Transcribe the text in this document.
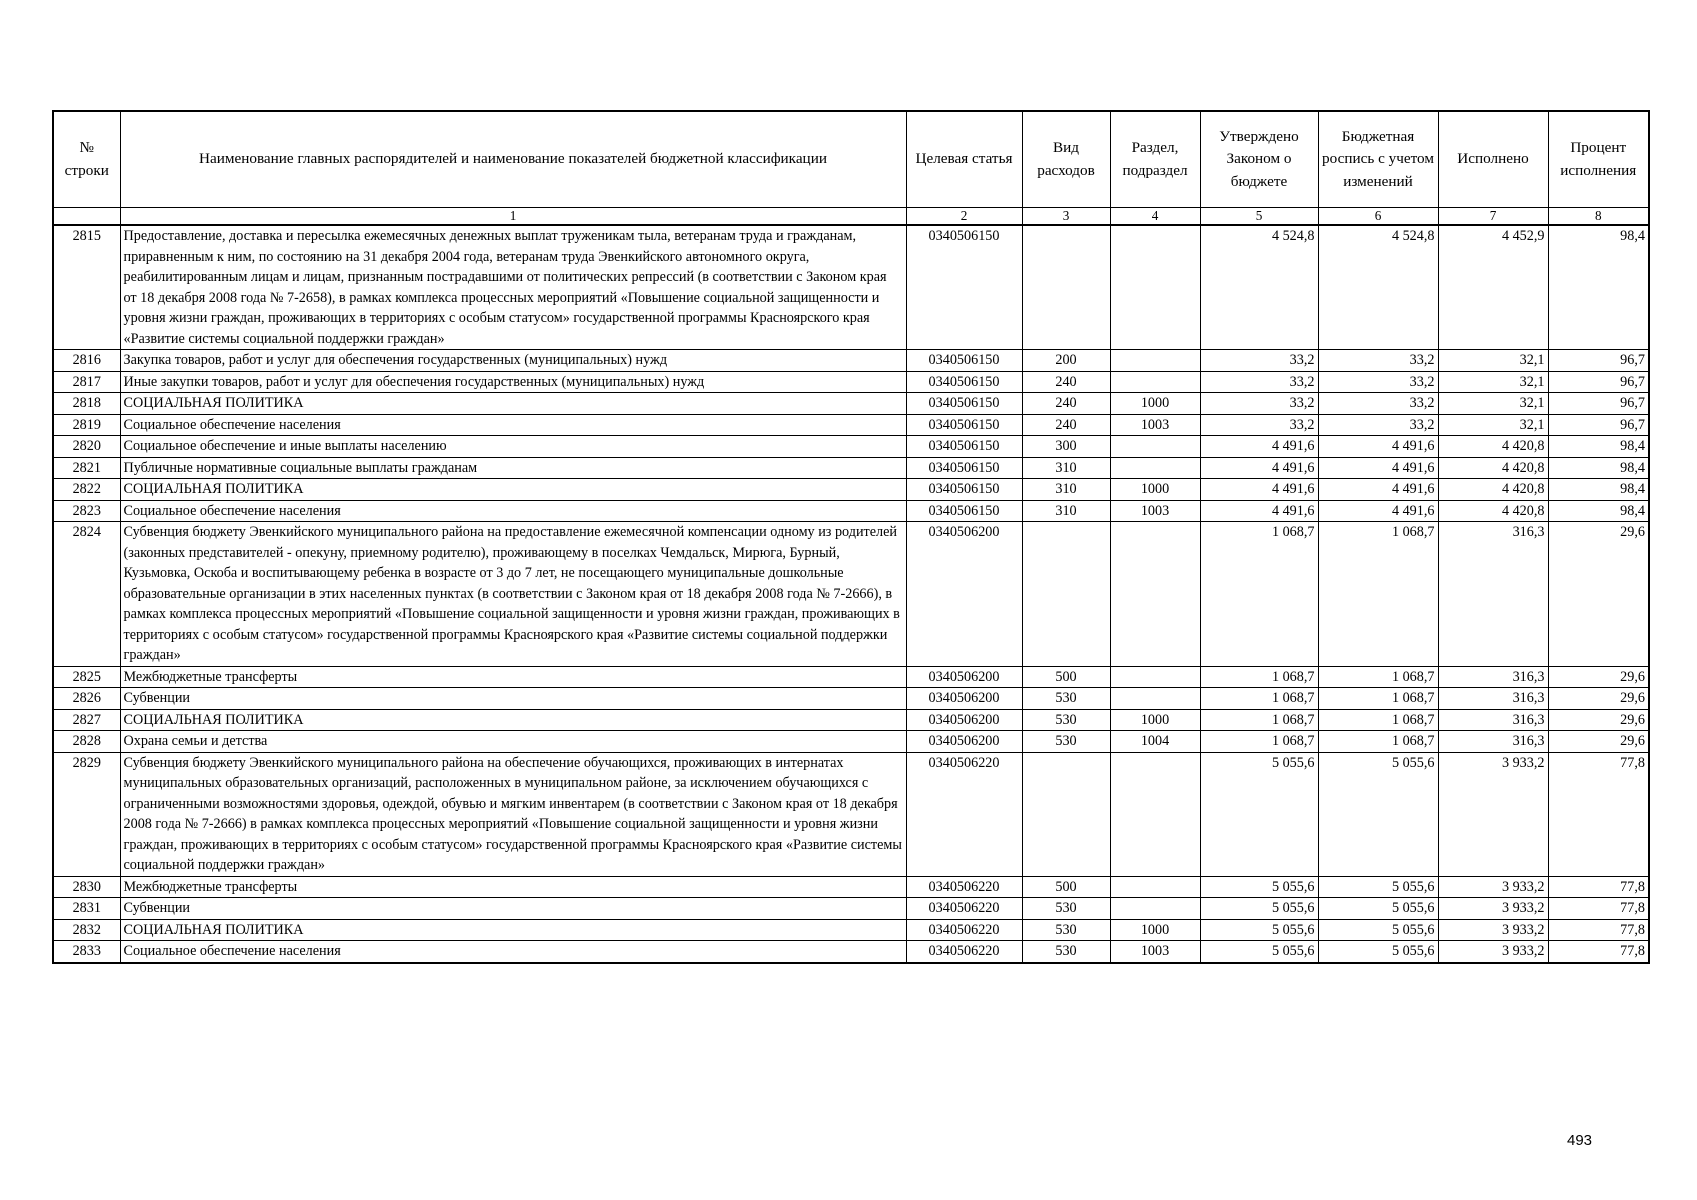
№ строки	Наименование главных распорядителей и наименование показателей бюджетной классификации	Целевая статья	Вид расходов	Раздел, подраздел	Утверждено Законом о бюджете	Бюджетная роспись с учетом изменений	Исполнено	Процент исполнения
	1	2	3	4	5	6	7	8
2815	Предоставление, доставка и пересылка ежемесячных денежных выплат труженикам тыла, ветеранам труда и гражданам, приравненным к ним, по состоянию на 31 декабря 2004 года, ветеранам труда Эвенкийского автономного округа, реабилитированным лицам и лицам, признанным пострадавшими от политических репрессий (в соответствии с Законом края от 18 декабря 2008 года № 7-2658), в рамках комплекса процессных мероприятий «Повышение социальной защищенности и уровня жизни граждан, проживающих в территориях с особым статусом» государственной программы Красноярского края «Развитие системы социальной поддержки граждан»	0340506150			4 524,8	4 524,8	4 452,9	98,4
2816	Закупка товаров, работ и услуг для обеспечения государственных (муниципальных) нужд	0340506150	200		33,2	33,2	32,1	96,7
2817	Иные закупки товаров, работ и услуг для обеспечения государственных (муниципальных) нужд	0340506150	240		33,2	33,2	32,1	96,7
2818	СОЦИАЛЬНАЯ ПОЛИТИКА	0340506150	240	1000	33,2	33,2	32,1	96,7
2819	Социальное обеспечение населения	0340506150	240	1003	33,2	33,2	32,1	96,7
2820	Социальное обеспечение и иные выплаты населению	0340506150	300		4 491,6	4 491,6	4 420,8	98,4
2821	Публичные нормативные социальные выплаты гражданам	0340506150	310		4 491,6	4 491,6	4 420,8	98,4
2822	СОЦИАЛЬНАЯ ПОЛИТИКА	0340506150	310	1000	4 491,6	4 491,6	4 420,8	98,4
2823	Социальное обеспечение населения	0340506150	310	1003	4 491,6	4 491,6	4 420,8	98,4
2824	Субвенция бюджету Эвенкийского муниципального района на предоставление ежемесячной компенсации одному из родителей (законных представителей - опекуну, приемному родителю), проживающему в поселках Чемдальск, Мирюга, Бурный, Кузьмовка, Оскоба и воспитывающему ребенка в возрасте от 3 до 7 лет, не посещающего муниципальные дошкольные образовательные организации в этих населенных пунктах (в соответствии с Законом края от 18 декабря 2008 года № 7-2666), в рамках комплекса процессных мероприятий «Повышение социальной защищенности и уровня жизни граждан, проживающих в территориях с особым статусом» государственной программы Красноярского края «Развитие системы социальной поддержки граждан»	0340506200			1 068,7	1 068,7	316,3	29,6
2825	Межбюджетные трансферты	0340506200	500		1 068,7	1 068,7	316,3	29,6
2826	Субвенции	0340506200	530		1 068,7	1 068,7	316,3	29,6
2827	СОЦИАЛЬНАЯ ПОЛИТИКА	0340506200	530	1000	1 068,7	1 068,7	316,3	29,6
2828	Охрана семьи и детства	0340506200	530	1004	1 068,7	1 068,7	316,3	29,6
2829	Субвенция бюджету Эвенкийского муниципального района на обеспечение обучающихся, проживающих в интернатах муниципальных образовательных организаций, расположенных в муниципальном районе, за исключением обучающихся с ограниченными возможностями здоровья, одеждой, обувью и мягким инвентарем (в соответствии с Законом края от 18 декабря 2008 года № 7-2666) в рамках комплекса процессных мероприятий «Повышение социальной защищенности и уровня жизни граждан, проживающих в территориях с особым статусом» государственной программы Красноярского края «Развитие системы социальной поддержки граждан»	0340506220			5 055,6	5 055,6	3 933,2	77,8
2830	Межбюджетные трансферты	0340506220	500		5 055,6	5 055,6	3 933,2	77,8
2831	Субвенции	0340506220	530		5 055,6	5 055,6	3 933,2	77,8
2832	СОЦИАЛЬНАЯ ПОЛИТИКА	0340506220	530	1000	5 055,6	5 055,6	3 933,2	77,8
2833	Социальное обеспечение населения	0340506220	530	1003	5 055,6	5 055,6	3 933,2	77,8
493
